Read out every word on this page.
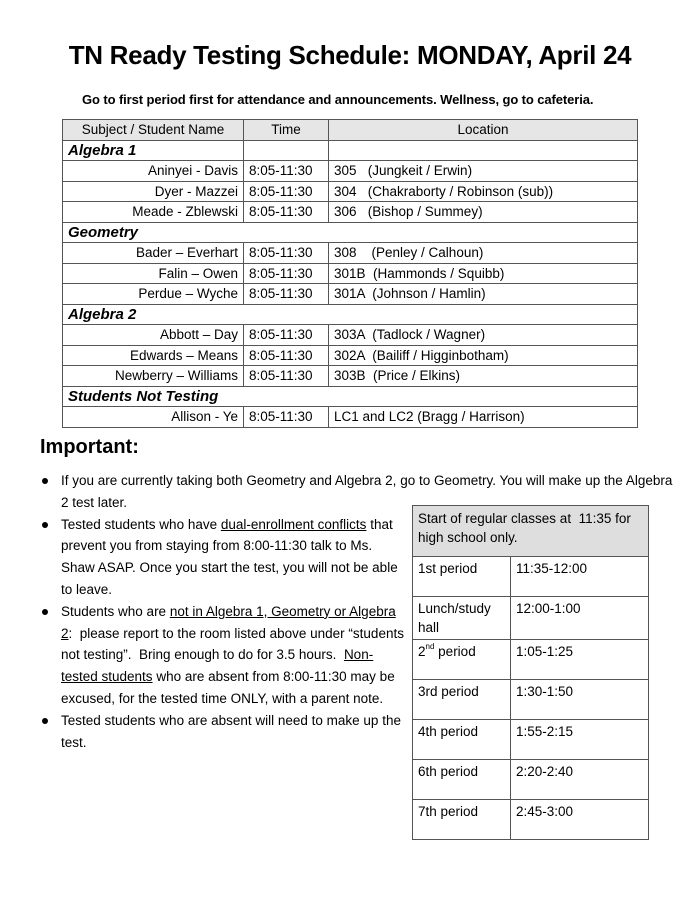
TN Ready Testing Schedule: MONDAY, April 24
Go to first period first for attendance and announcements. Wellness, go to cafeteria.
Subject / Student Name	Time	Location
Algebra 1		
Aninyei - Davis	8:05-11:30	305   (Jungkeit / Erwin)
Dyer - Mazzei	8:05-11:30	304   (Chakraborty / Robinson (sub))
Meade - Zblewski	8:05-11:30	306   (Bishop / Summey)
Geometry		
Bader – Everhart	8:05-11:30	308    (Penley / Calhoun)
Falin – Owen	8:05-11:30	301B  (Hammonds / Squibb)
Perdue – Wyche	8:05-11:30	301A  (Johnson / Hamlin)
Algebra 2		
Abbott – Day	8:05-11:30	303A  (Tadlock / Wagner)
Edwards – Means	8:05-11:30	302A  (Bailiff / Higginbotham)
Newberry – Williams	8:05-11:30	303B  (Price / Elkins)
Students Not Testing		
Allison - Ye	8:05-11:30	LC1 and LC2 (Bragg / Harrison)
Important:
If you are currently taking both Geometry and Algebra 2, go to Geometry. You will make up the Algebra 2 test later.
Tested students who have dual-enrollment conflicts that prevent you from staying from 8:00-11:30 talk to Ms. Shaw ASAP. Once you start the test, you will not be able to leave.
Students who are not in Algebra 1, Geometry or Algebra 2:  please report to the room listed above under “students not testing”.  Bring enough to do for 3.5 hours.  Non-tested students who are absent from 8:00-11:30 may be excused, for the tested time ONLY, with a parent note.
Tested students who are absent will need to make up the test.
Start of regular classes at  11:35 for high school only.	
1st period	11:35-12:00
Lunch/study hall	12:00-1:00
2nd period	1:05-1:25
3rd period	1:30-1:50
4th period	1:55-2:15
6th period	2:20-2:40
7th period	2:45-3:00
